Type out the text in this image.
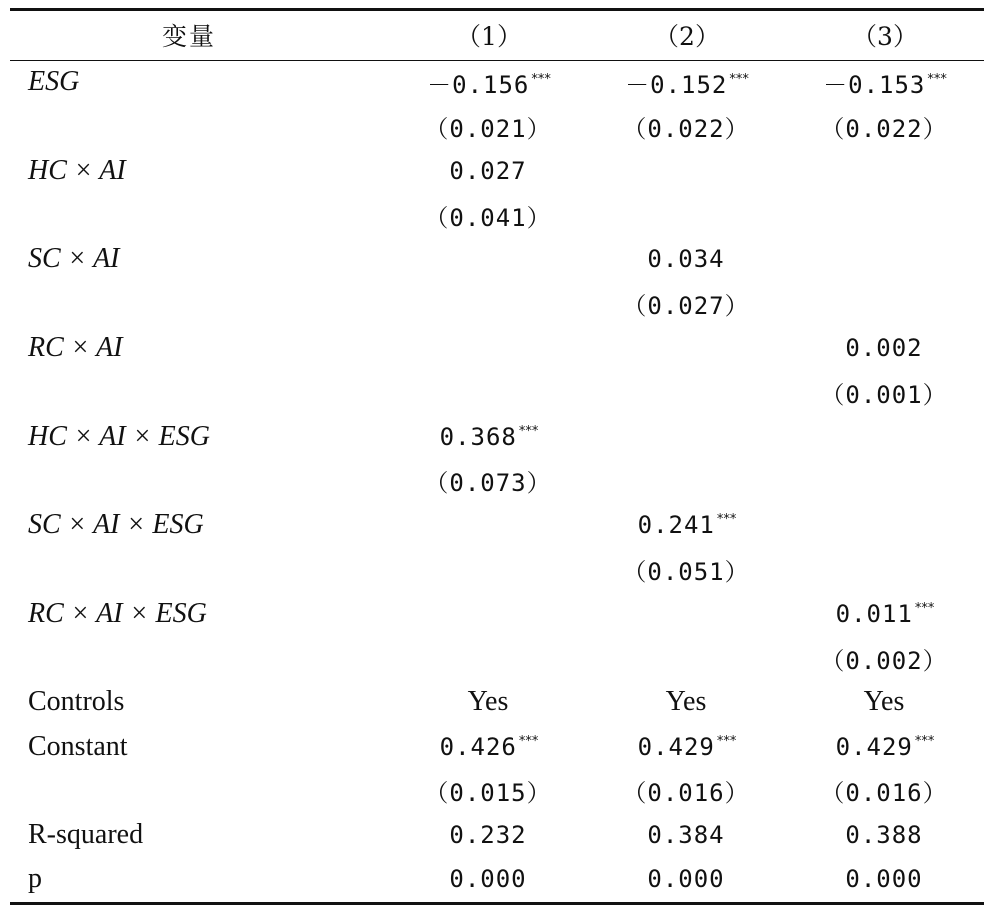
变量	（1）	（2）	（3）
ESG	－0.156 ***	－0.152 ***	－0.153 ***
	（0.021）	（0.022）	（0.022）
HC × AI	0.027		
	（0.041）		
SC × AI		0.034	
		（0.027）	
RC × AI			0.002
			（0.001）
HC × AI × ESG	0.368 ***		
	（0.073）		
SC × AI × ESG		0.241 ***	
		（0.051）	
RC × AI × ESG			0.011 ***
			（0.002）
Controls	Yes	Yes	Yes
Constant	0.426 ***	0.429 ***	0.429 ***
	（0.015）	（0.016）	（0.016）
R-squared	0.232	0.384	0.388
p	0.000	0.000	0.000
